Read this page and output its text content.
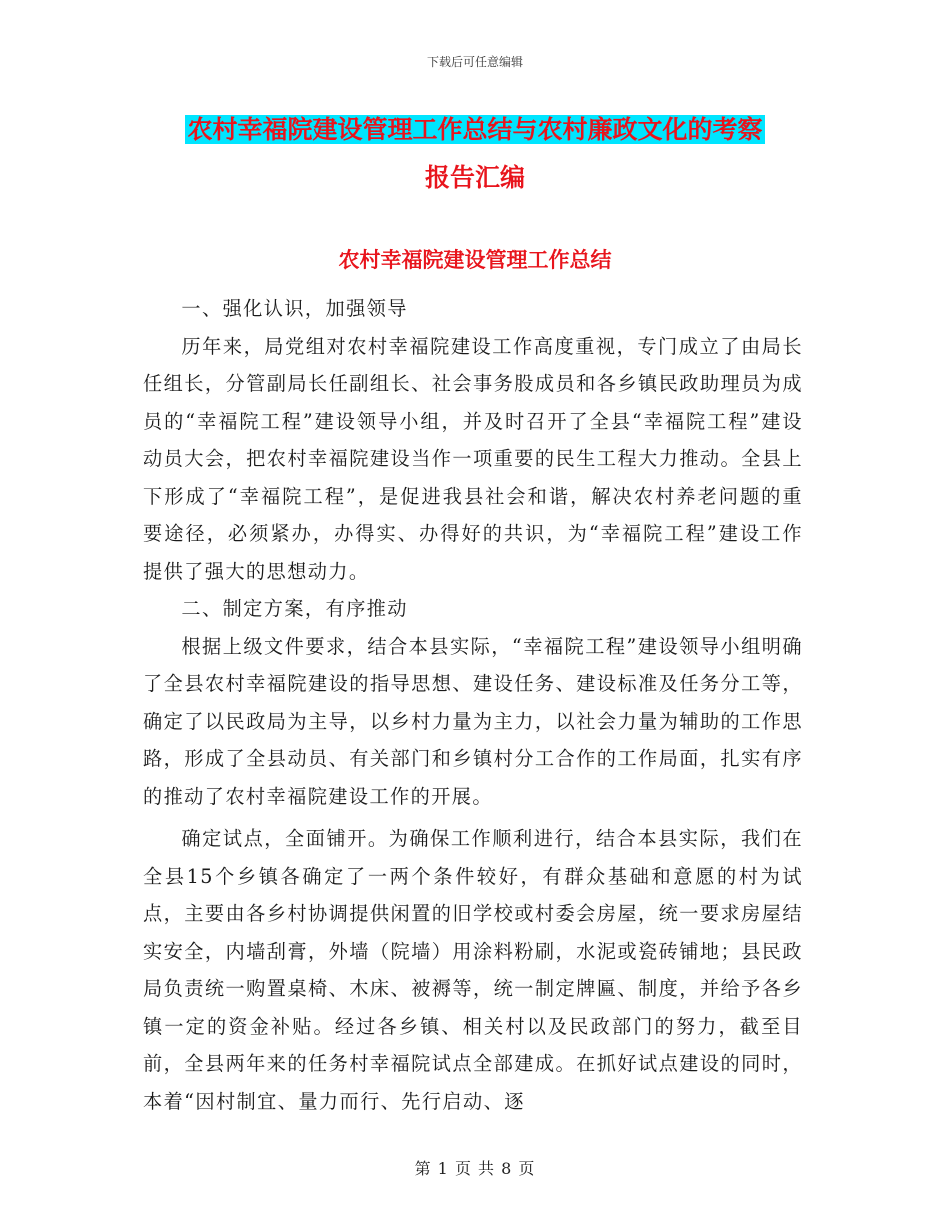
下载后可任意编辑
农村幸福院建设管理工作总结与农村廉政文化的考察
报告汇编
农村幸福院建设管理工作总结

一、强化认识，加强领导

历年来，局党组对农村幸福院建设工作高度重视，专门成立了由局长任组长，分管副局长任副组长、社会事务股成员和各乡镇民政助理员为成员的“幸福院工程”建设领导小组，并及时召开了全县“幸福院工程”建设动员大会，把农村幸福院建设当作一项重要的民生工程大力推动。全县上下形成了“幸福院工程”，是促进我县社会和谐，解决农村养老问题的重要途径，必须紧办，办得实、办得好的共识，为“幸福院工程”建设工作提供了强大的思想动力。

二、制定方案，有序推动

根据上级文件要求，结合本县实际，“幸福院工程”建设领导小组明确了全县农村幸福院建设的指导思想、建设任务、建设标准及任务分工等，确定了以民政局为主导，以乡村力量为主力，以社会力量为辅助的工作思路，形成了全县动员、有关部门和乡镇村分工合作的工作局面，扎实有序的推动了农村幸福院建设工作的开展。

确定试点，全面铺开。为确保工作顺利进行，结合本县实际，我们在全县15个乡镇各确定了一两个条件较好，有群众基础和意愿的村为试点，主要由各乡村协调提供闲置的旧学校或村委会房屋，统一要求房屋结实安全，内墙刮膏，外墙（院墙）用涂料粉刷，水泥或瓷砖铺地；县民政局负责统一购置桌椅、木床、被褥等，统一制定牌匾、制度，并给予各乡镇一定的资金补贴。经过各乡镇、相关村以及民政部门的努力，截至目前，全县两年来的任务村幸福院试点全部建成。在抓好试点建设的同时，本着“因村制宜、量力而行、先行启动、逐

第 1 页 共 8 页
